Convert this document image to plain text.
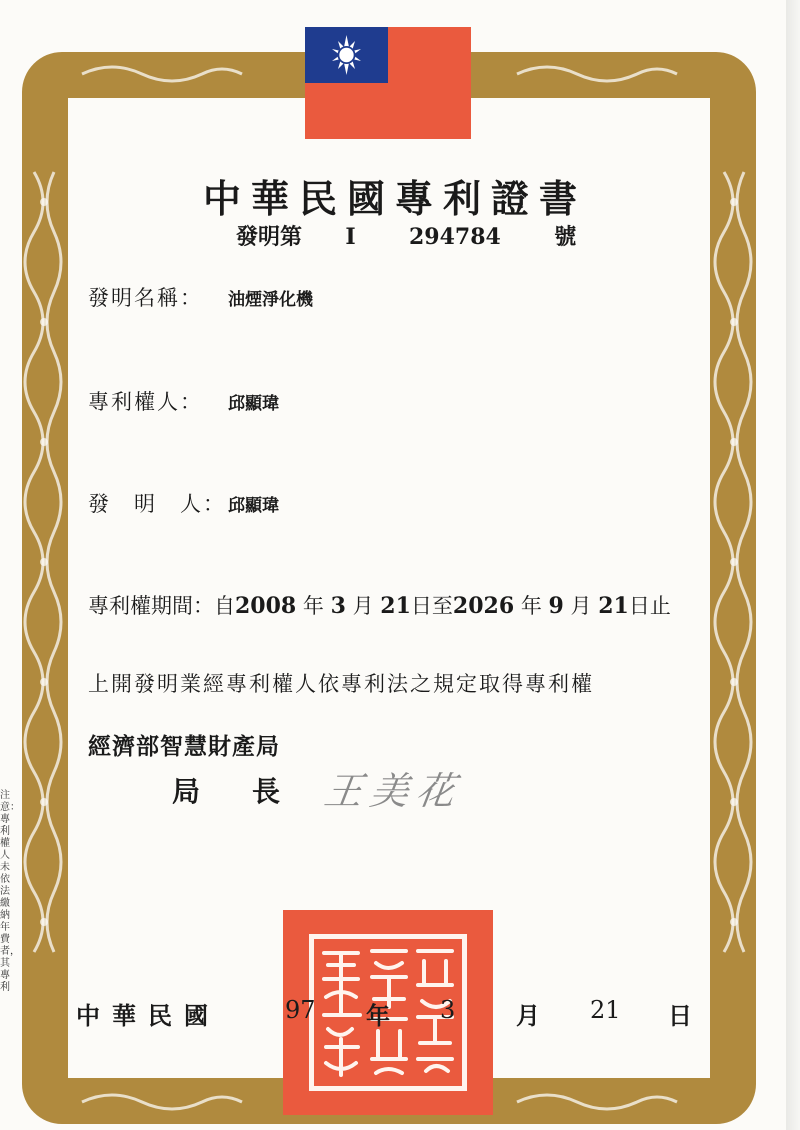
中華民國專利證書
發明第 I 294784 號
發明名稱： 油煙淨化機
專利權人： 邱顯瑋
發　明　人： 邱顯瑋
專利權期間：自2008 年 3 月 21日至2026 年 9 月 21日止
上開發明業經專利權人依專利法之規定取得專利權
經濟部智慧財產局
局 長 王美花
中華民國	97 年 3	月 21 日
注意：專利權人未依法繳納年費者，其專利
